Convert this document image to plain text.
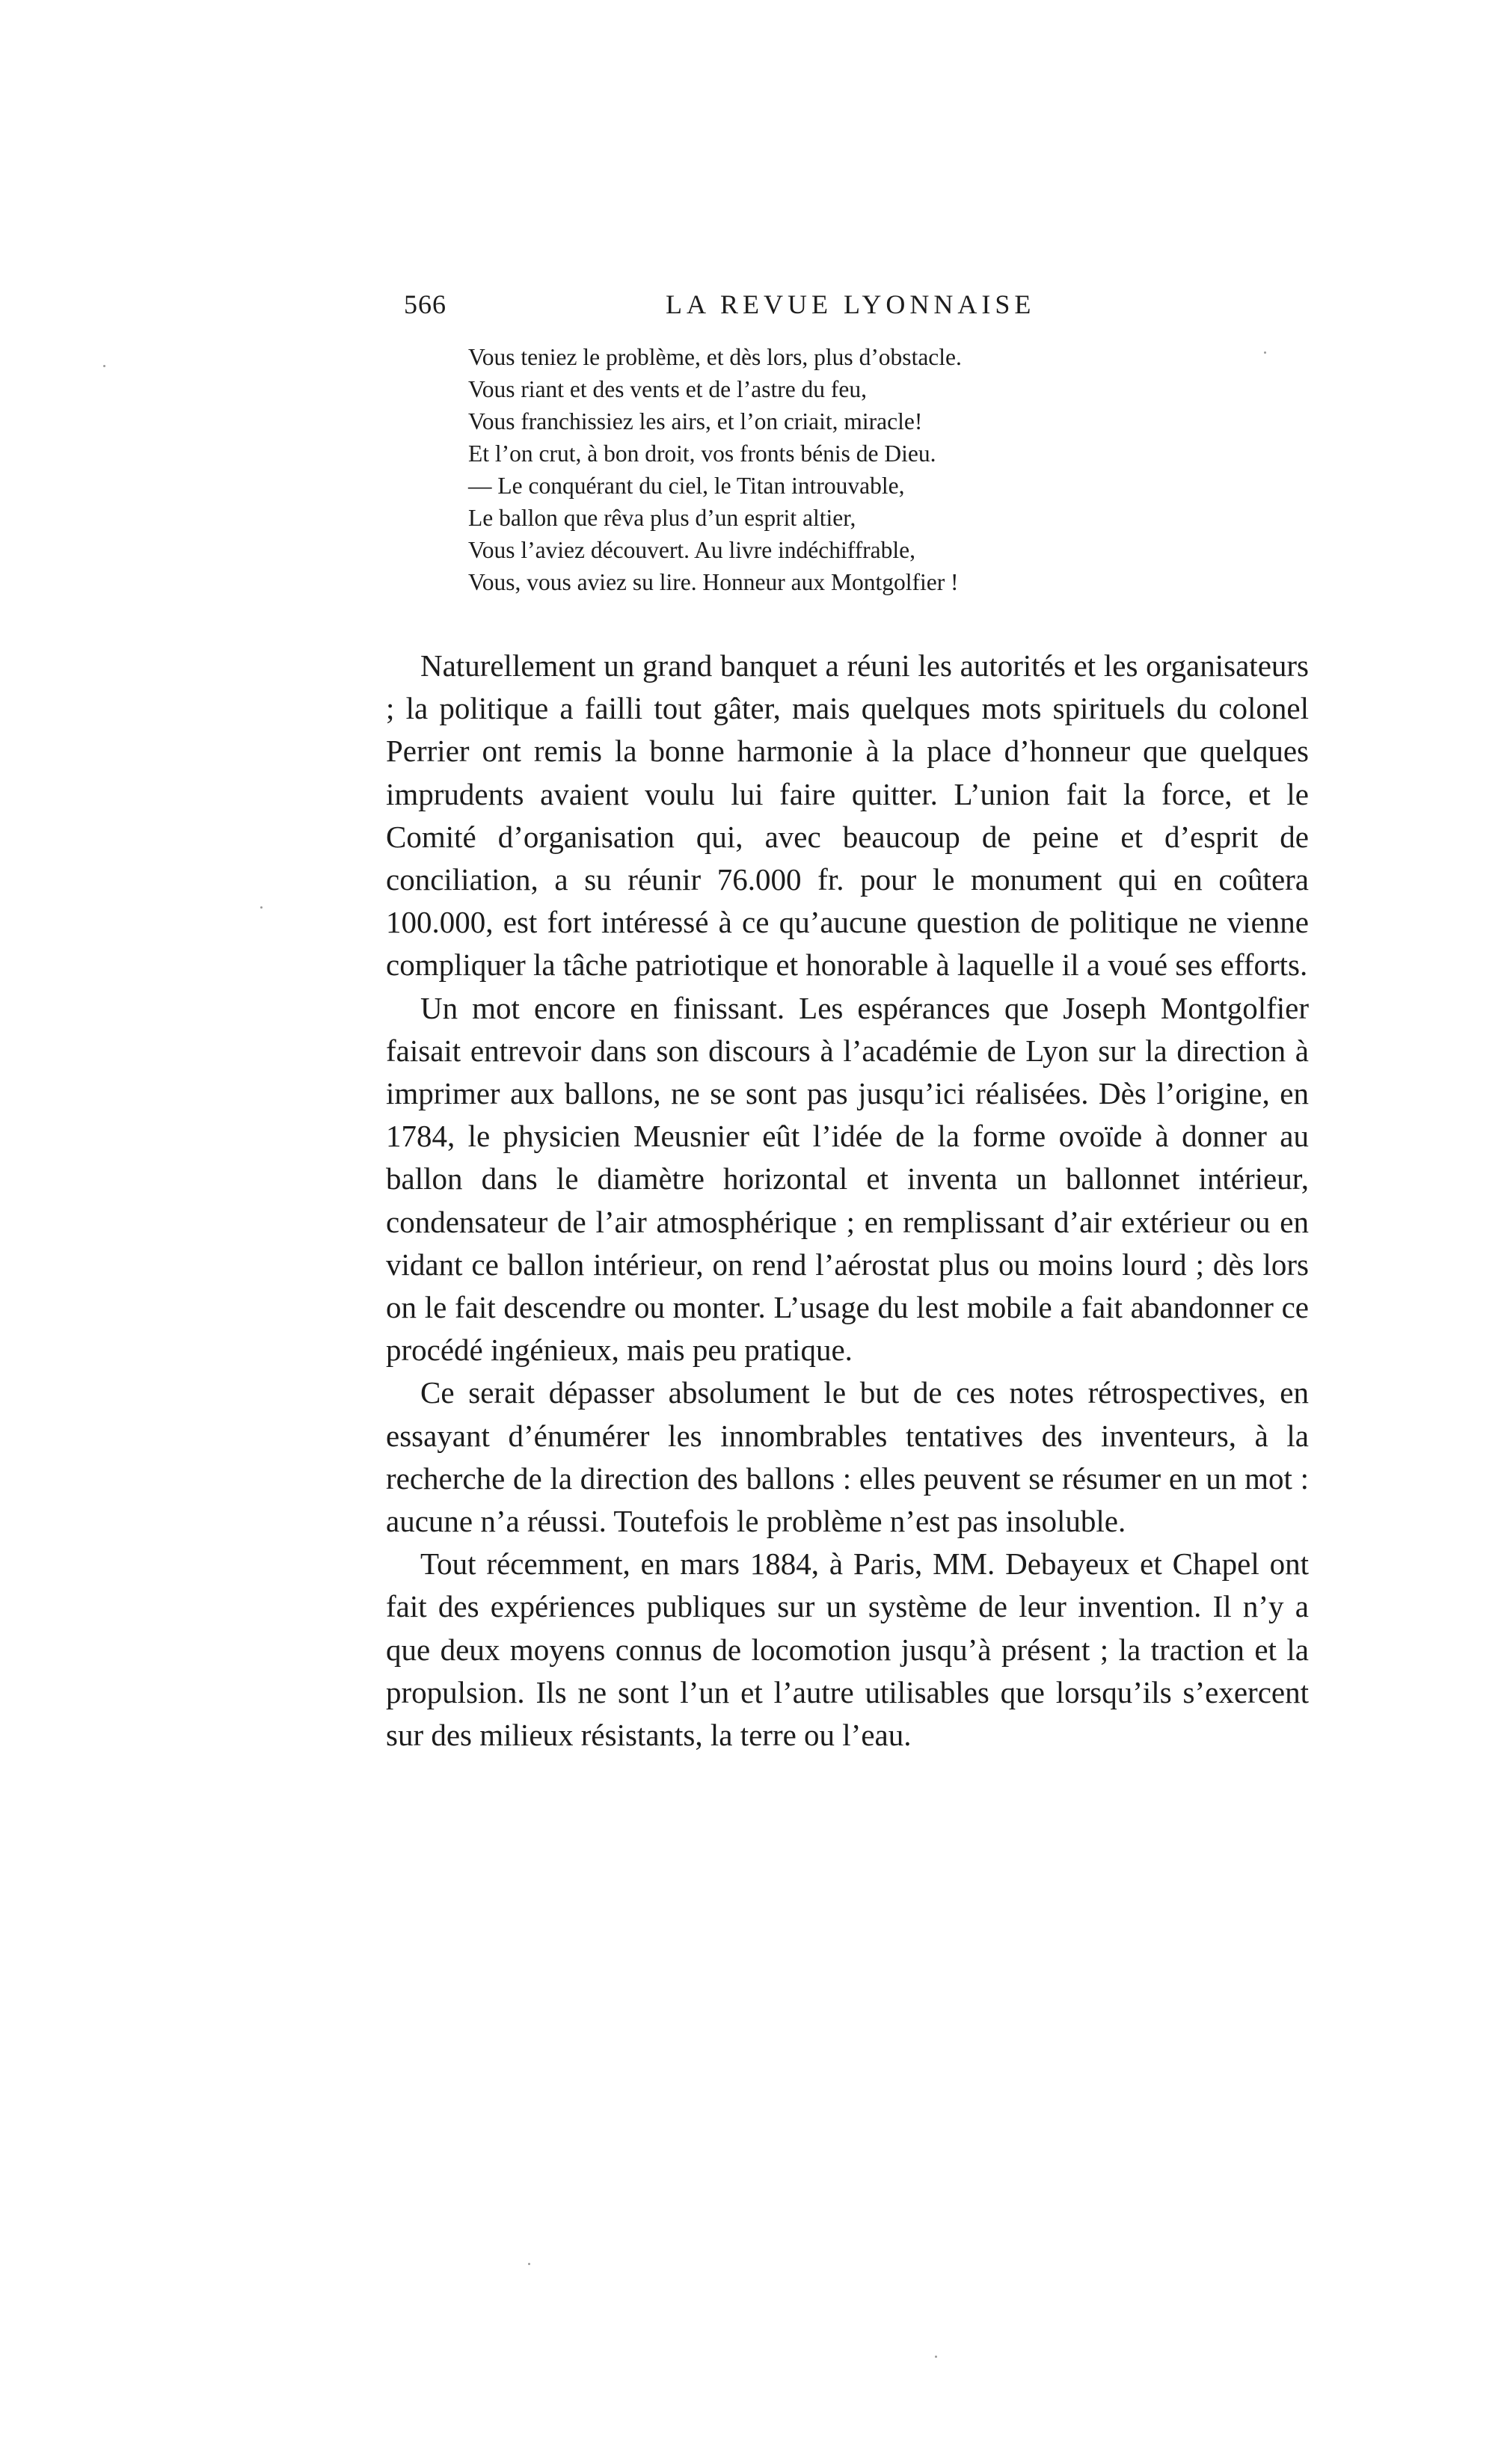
566	LA REVUE LYONNAISE
Vous teniez le problème, et dès lors, plus d’obstacle.
Vous riant et des vents et de l’astre du feu,
Vous franchissiez les airs, et l’on criait, miracle!
Et l’on crut, à bon droit, vos fronts bénis de Dieu.
— Le conquérant du ciel, le Titan introuvable,
Le ballon que rêva plus d’un esprit altier,
Vous l’aviez découvert. Au livre indéchiffrable,
Vous, vous aviez su lire. Honneur aux Montgolfier !

Naturellement un grand banquet a réuni les autorités et les organisateurs ; la politique a failli tout gâter, mais quelques mots spirituels du colonel Perrier ont remis la bonne harmonie à la place d’honneur que quelques imprudents avaient voulu lui faire quitter. L’union fait la force, et le Comité d’organisation qui, avec beaucoup de peine et d’esprit de conciliation, a su réunir 76.000 fr. pour le monument qui en coûtera 100.000, est fort intéressé à ce qu’aucune question de politique ne vienne compliquer la tâche patriotique et honorable à laquelle il a voué ses efforts.

Un mot encore en finissant. Les espérances que Joseph Montgolfier faisait entrevoir dans son discours à l’académie de Lyon sur la direction à imprimer aux ballons, ne se sont pas jusqu’ici réalisées. Dès l’origine, en 1784, le physicien Meusnier eût l’idée de la forme ovoïde à donner au ballon dans le diamètre horizontal et inventa un ballonnet intérieur, condensateur de l’air atmosphérique ; en remplissant d’air extérieur ou en vidant ce ballon intérieur, on rend l’aérostat plus ou moins lourd ; dès lors on le fait descendre ou monter. L’usage du lest mobile a fait abandonner ce procédé ingénieux, mais peu pratique.

Ce serait dépasser absolument le but de ces notes rétrospectives, en essayant d’énumérer les innombrables tentatives des inventeurs, à la recherche de la direction des ballons : elles peuvent se résumer en un mot : aucune n’a réussi. Toutefois le problème n’est pas insoluble.

Tout récemment, en mars 1884, à Paris, MM. Debayeux et Chapel ont fait des expériences publiques sur un système de leur invention. Il n’y a que deux moyens connus de locomotion jusqu’à présent ; la traction et la propulsion. Ils ne sont l’un et l’autre utilisables que lorsqu’ils s’exercent sur des milieux résistants, la terre ou l’eau.
